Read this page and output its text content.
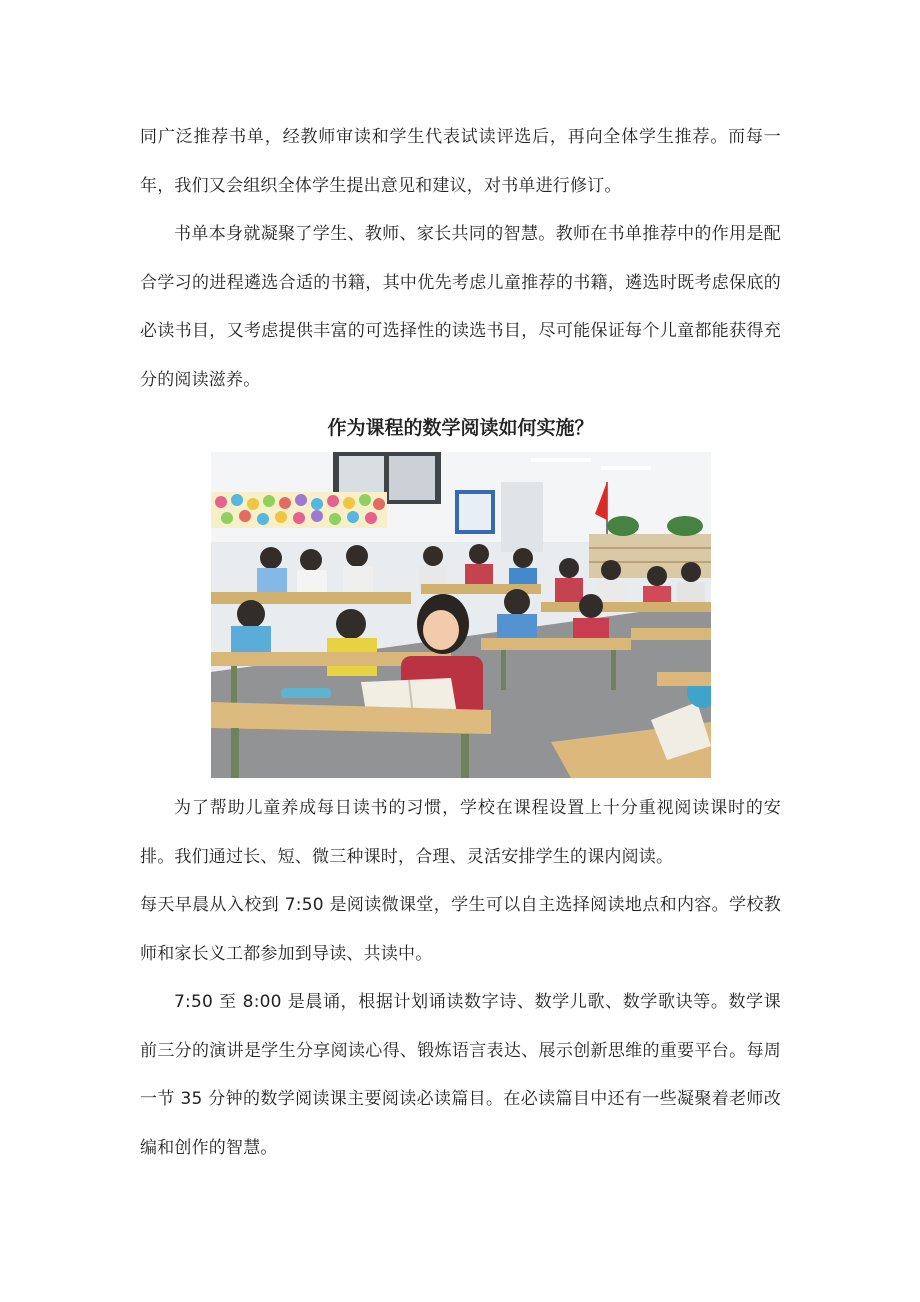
同广泛推荐书单，经教师审读和学生代表试读评选后，再向全体学生推荐。而每一年，我们又会组织全体学生提出意见和建议，对书单进行修订。

书单本身就凝聚了学生、教师、家长共同的智慧。教师在书单推荐中的作用是配合学习的进程遴选合适的书籍，其中优先考虑儿童推荐的书籍，遴选时既考虑保底的必读书目，又考虑提供丰富的可选择性的读选书目，尽可能保证每个儿童都能获得充分的阅读滋养。

作为课程的数学阅读如何实施？

为了帮助儿童养成每日读书的习惯，学校在课程设置上十分重视阅读课时的安排。我们通过长、短、微三种课时，合理、灵活安排学生的课内阅读。

每天早晨从入校到 7:50 是阅读微课堂，学生可以自主选择阅读地点和内容。学校教师和家长义工都参加到导读、共读中。

7:50 至 8:00 是晨诵，根据计划诵读数字诗、数学儿歌、数学歌诀等。数学课前三分的演讲是学生分享阅读心得、锻炼语言表达、展示创新思维的重要平台。每周一节 35 分钟的数学阅读课主要阅读必读篇目。在必读篇目中还有一些凝聚着老师改编和创作的智慧。
